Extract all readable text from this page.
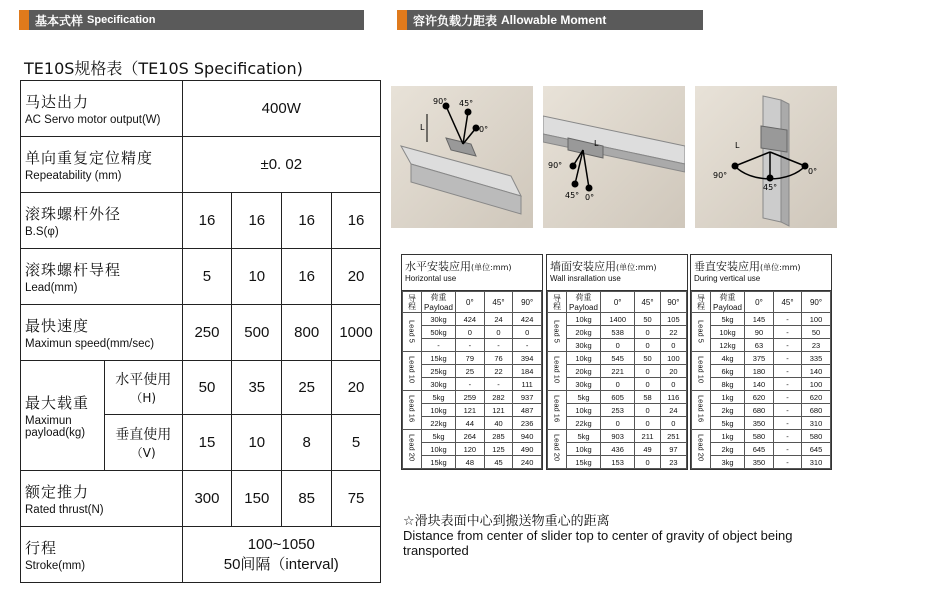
基本式样 Specification	容许负载力距表 Allowable Moment
TE10S规格表（TE10S Specification)
马达出力
AC Servo motor output(W)		400W			

单向重复定位精度
Repeatability (mm)		±0. 02			

滚珠螺杆外径
B.S(φ)		16	16	16	16

滚珠螺杆导程
Lead(mm)		5	10	16	20

最快速度
Maximun speed(mm/sec)		250	500	800	1000

最大载重
Maximun payload(kg)	水平使用
（H)	50	35	25	20

	垂直使用
（V)	15	10	8	5

额定推力
Rated thrust(N)		300	150	85	75

行程
Stroke(mm)		100~1050
50间隔（interval)			
L
90° 45°
0°
L
90°
45° 0°
L
90°
45°
0°
水平安装应用(单位:mm)
Horizontal use
导程	荷重
Payload	0°	45°	90°
Lead 5	30kg	424	24	424
	50kg	0	0	0
	-	-	-	-
Lead 10	15kg	79	76	394
	25kg	25	22	184
	30kg	-	-	111
Lead 16	5kg	259	282	937
	10kg	121	121	487
	22kg	44	40	236
Lead 20	5kg	264	285	940
	10kg	120	125	490
	15kg	48	45	240
墙面安装应用(单位:mm)
Wall insrallation use
导程	荷重
Payload	0°	45°	90°
Lead 5	10kg	1400	50	105
	20kg	538	0	22
	30kg	0	0	0
Lead 10	10kg	545	50	100
	20kg	221	0	20
	30kg	0	0	0
Lead 16	5kg	605	58	116
	10kg	253	0	24
	22kg	0	0	0
Lead 20	5kg	903	211	251
	10kg	436	49	97
	15kg	153	0	23
垂直安装应用(单位:mm)
During vertical use
导程	荷重
Payload	0°	45°	90°
Lead 5	5kg	145	-	100
	10kg	90	-	50
	12kg	63	-	23
Lead 10	4kg	375	-	335
	6kg	180	-	140
	8kg	140	-	100
Lead 16	1kg	620	-	620
	2kg	680	-	680
	5kg	350	-	310
Lead 20	1kg	580	-	580
	2kg	645	-	645
	3kg	350	-	310
☆滑块表面中心到搬送物重心的距离
Distance from center of slider top to center of gravity of object being transported
